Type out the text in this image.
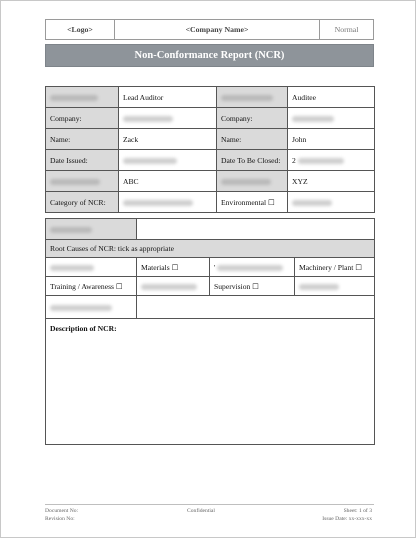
<Logo>	<Company Name>	Normal
Non-Conformance Report (NCR)
	Lead Auditor		Auditee
Company:		Company:	
Name:	Zack	Name:	John
Date Issued:		Date To Be Closed:	2
	ABC		XYZ
Category of NCR:		Environmental ☐	

Root Causes of NCR: tick as appropriate			
	Materials ☐	'	Machinery / Plant ☐
Training / Awareness ☐		Supervision ☐	

Description of NCR:			
Document No:
Revision No:
Confidential	Sheet: 1 of 3
Issue Date: xx-xxx-xx
